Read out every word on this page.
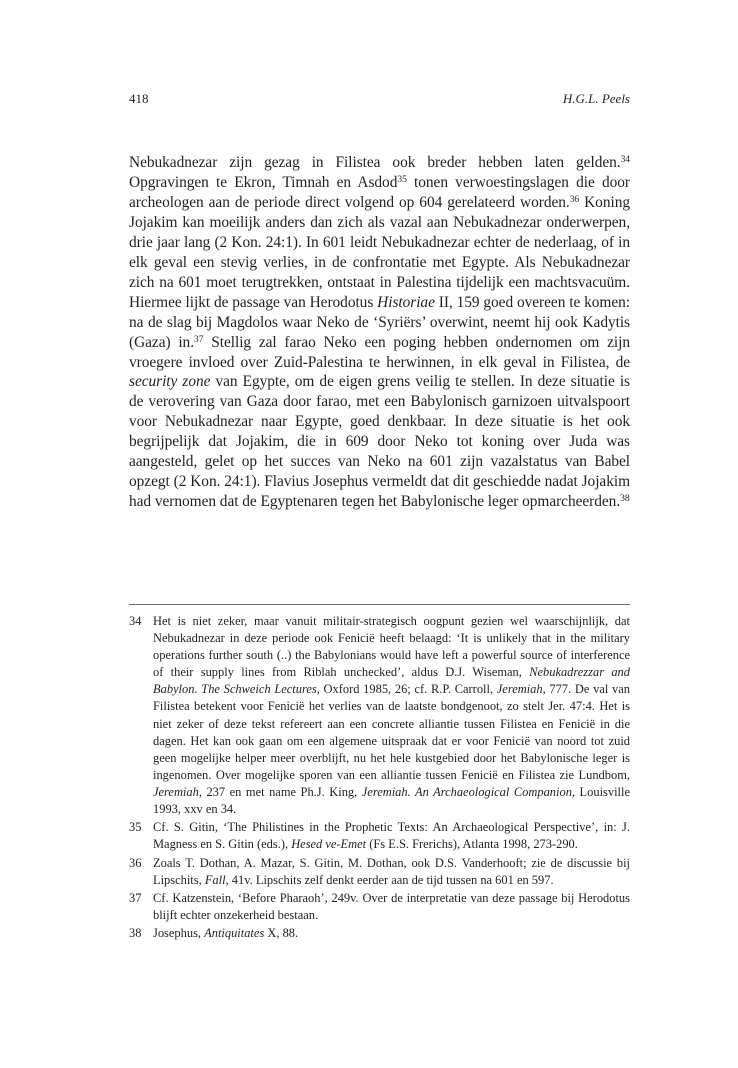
418	H.G.L. Peels
Nebukadnezar zijn gezag in Filistea ook breder hebben laten gelden.$^{34}$ Opgravingen te Ekron, Timnah en Asdod$^{35}$ tonen verwoestingslagen die door archeologen aan de periode direct volgend op 604 gerelateerd worden.$^{36}$ Koning Jojakim kan moeilijk anders dan zich als vazal aan Nebukadnezar onderwerpen, drie jaar lang (2 Kon. 24:1). In 601 leidt Nebukadnezar echter de nederlaag, of in elk geval een stevig verlies, in de confrontatie met Egypte. Als Nebukadnezar zich na 601 moet terugtrekken, ontstaat in Palestina tijdelijk een machtsvacuüm. Hiermee lijkt de passage van Herodotus Historiae II, 159 goed overeen te komen: na de slag bij Magdolos waar Neko de ‘Syriërs’ overwint, neemt hij ook Kadytis (Gaza) in.$^{37}$ Stellig zal farao Neko een poging hebben ondernomen om zijn vroegere invloed over Zuid-Palestina te herwinnen, in elk geval in Filistea, de security zone van Egypte, om de eigen grens veilig te stellen. In deze situatie is de verovering van Gaza door farao, met een Babylonisch garnizoen uitvalspoort voor Nebukadnezar naar Egypte, goed denkbaar. In deze situatie is het ook begrijpelijk dat Jojakim, die in 609 door Neko tot koning over Juda was aangesteld, gelet op het succes van Neko na 601 zijn vazalstatus van Babel opzegt (2 Kon. 24:1). Flavius Josephus vermeldt dat dit geschiedde nadat Jojakim had vernomen dat de Egyptenaren tegen het Babylonische leger opmarcheerden.$^{38}$
34 Het is niet zeker, maar vanuit militair-strategisch oogpunt gezien wel waarschijnlijk, dat Nebukadnezar in deze periode ook Fenicië heeft belaagd: ‘It is unlikely that in the military operations further south (..) the Babylonians would have left a powerful source of interference of their supply lines from Riblah unchecked’, aldus D.J. Wiseman, Nebukadrezzar and Babylon. The Schweich Lectures, Oxford 1985, 26; cf. R.P. Carroll, Jeremiah, 777. De val van Filistea betekent voor Fenicië het verlies van de laatste bondgenoot, zo stelt Jer. 47:4. Het is niet zeker of deze tekst refereert aan een concrete alliantie tussen Filistea en Fenicië in die dagen. Het kan ook gaan om een algemene uitspraak dat er voor Fenicië van noord tot zuid geen mogelijke helper meer overblijft, nu het hele kustgebied door het Babylonische leger is ingenomen. Over mogelijke sporen van een alliantie tussen Fenicië en Filistea zie Lundbom, Jeremiah, 237 en met name Ph.J. King, Jeremiah. An Archaeological Companion, Louisville 1993, xxv en 34.
35 Cf. S. Gitin, ‘The Philistines in the Prophetic Texts: An Archaeological Perspective’, in: J. Magness en S. Gitin (eds.), Hesed ve-Emet (Fs E.S. Frerichs), Atlanta 1998, 273-290.
36 Zoals T. Dothan, A. Mazar, S. Gitin, M. Dothan, ook D.S. Vanderhooft; zie de discussie bij Lipschits, Fall, 41v. Lipschits zelf denkt eerder aan de tijd tussen na 601 en 597.
37 Cf. Katzenstein, ‘Before Pharaoh’, 249v. Over de interpretatie van deze passage bij Herodotus blijft echter onzekerheid bestaan.
38 Josephus, Antiquitates X, 88.
